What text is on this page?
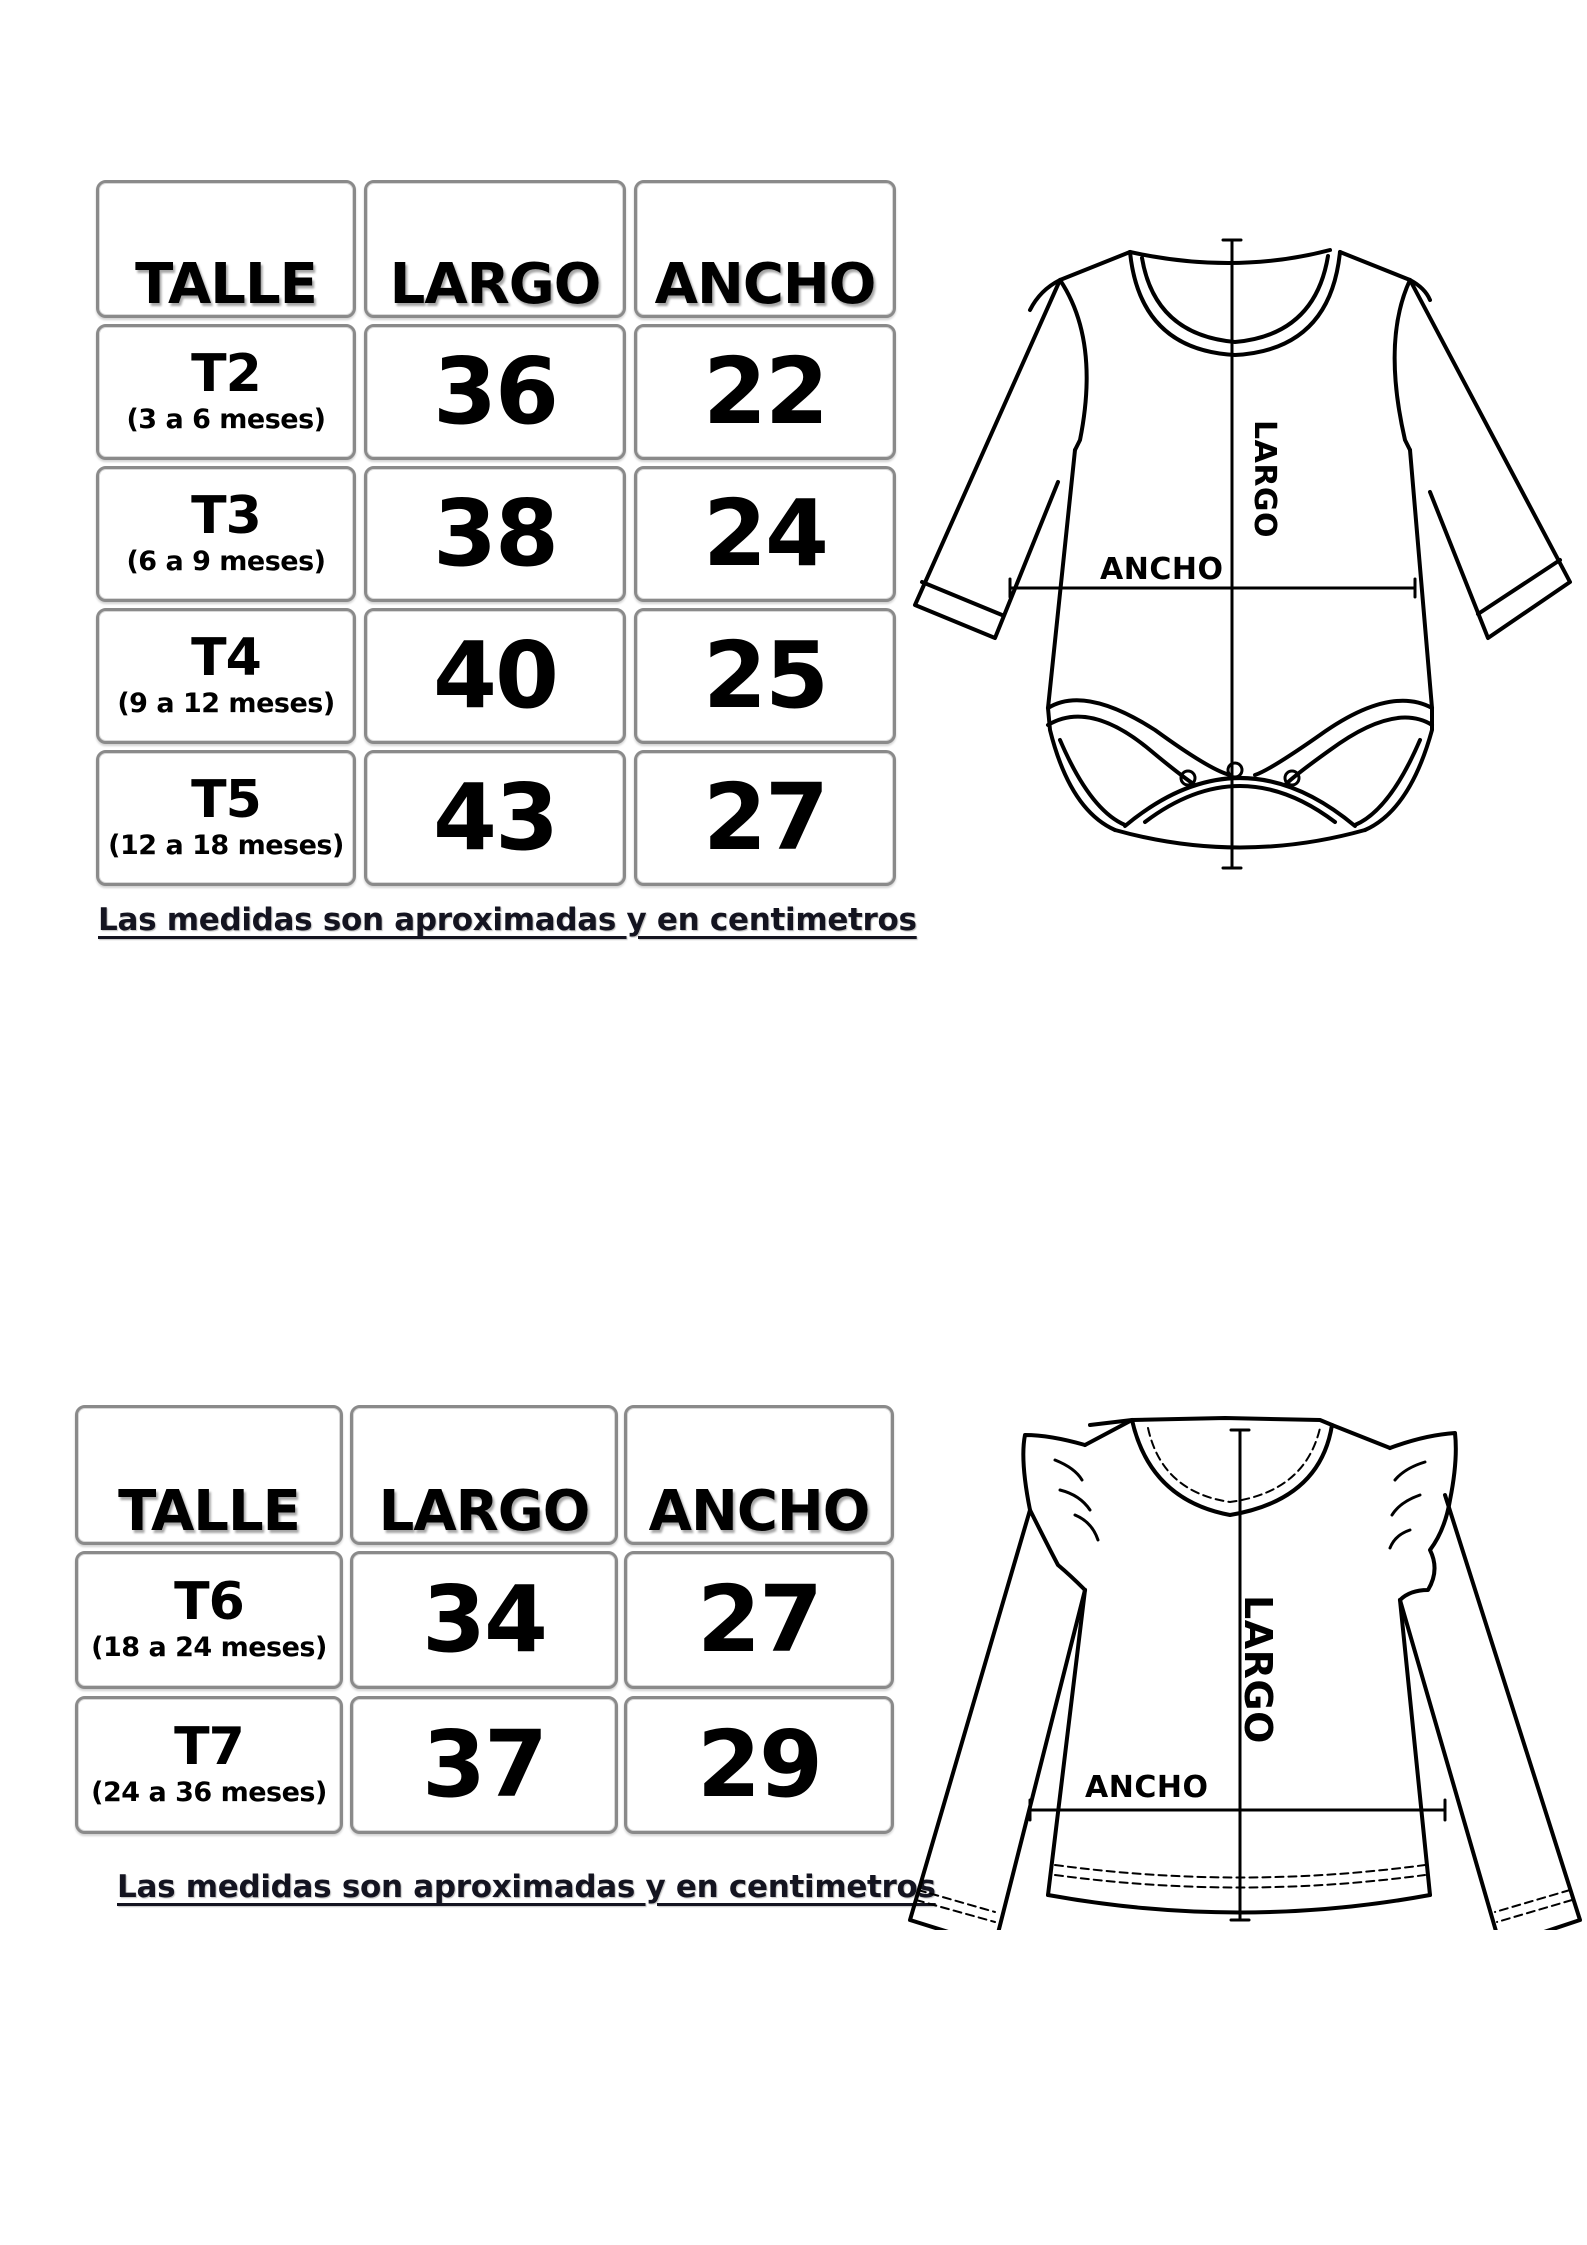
TALLE LARGO ANCHO
T2
(3 a 6 meses) 36 22
T3
(6 a 9 meses) 38 24
T4
(9 a 12 meses) 40 25
T5
(12 a 18 meses) 43 27
Las medidas son aproximadas y en centimetros
LARGO
ANCHO
TALLE LARGO ANCHO
T6
(18 a 24 meses) 34 27
T7
(24 a 36 meses) 37 29
Las medidas son aproximadas y en centimetros
LARGO
ANCHO
